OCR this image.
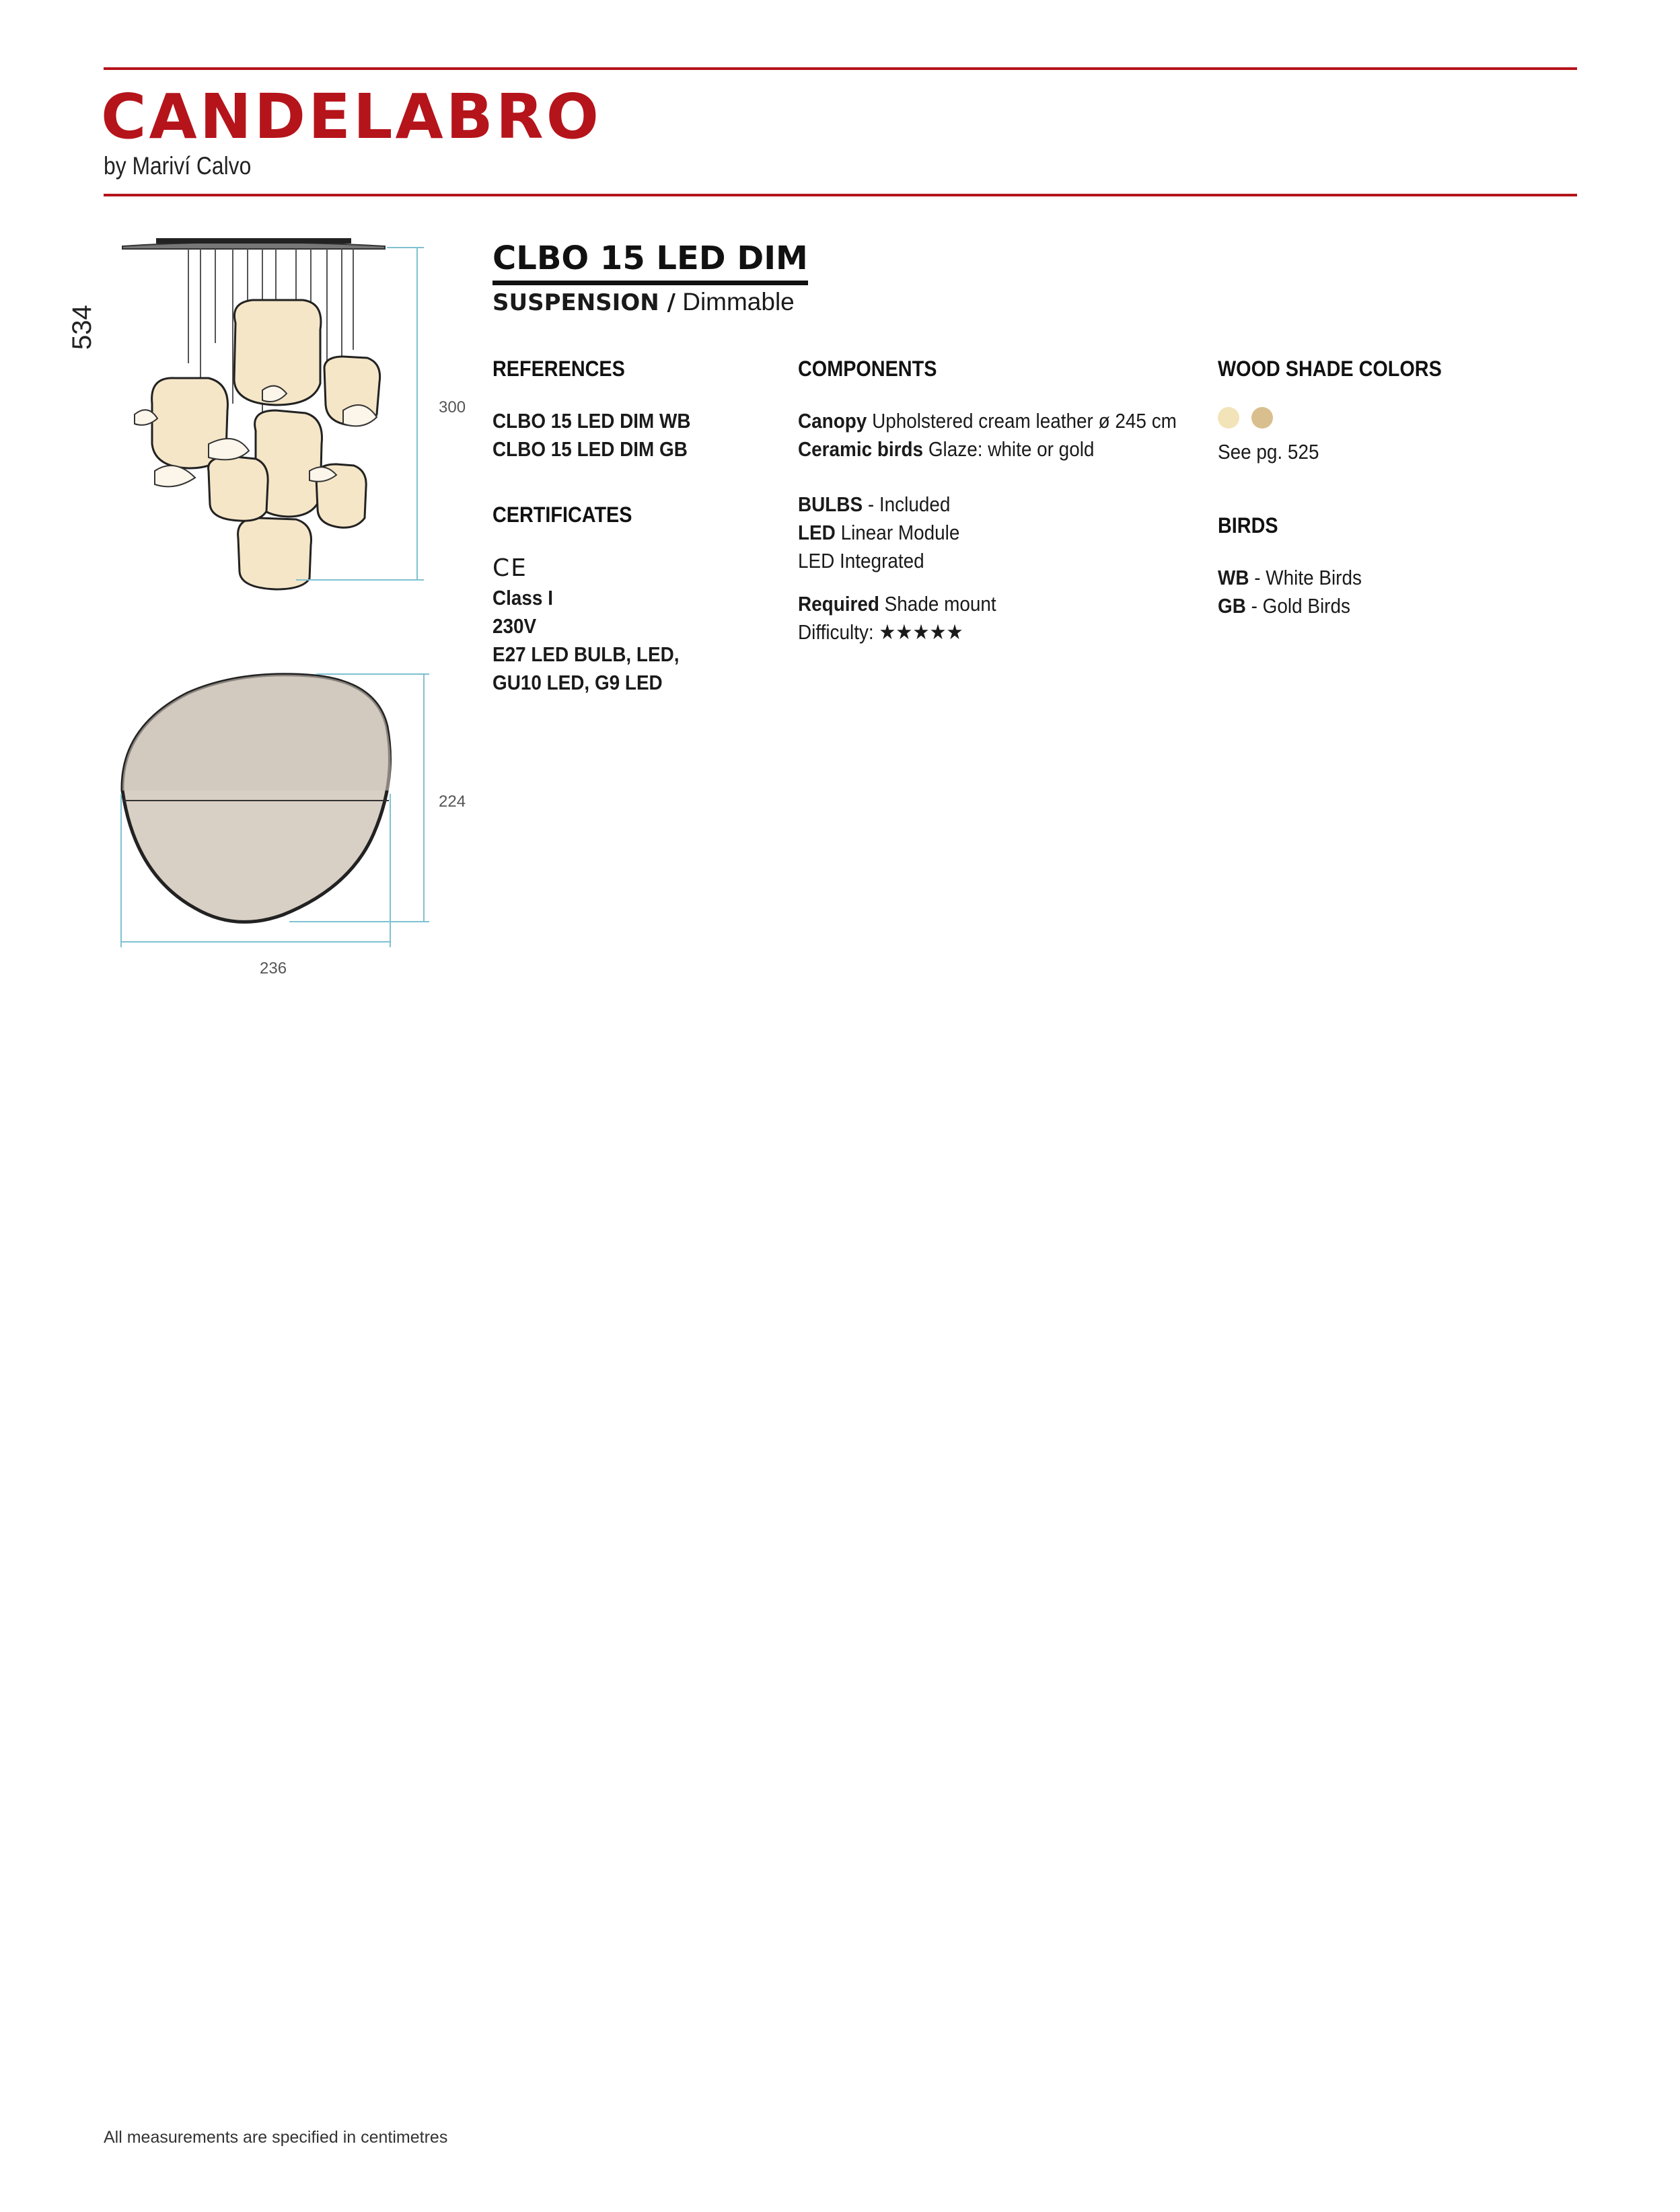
CANDELABRO
by Mariví Calvo
534
300
224
236
CLBO 15 LED DIM
SUSPENSION / Dimmable
REFERENCES
CLBO 15 LED DIM WB
CLBO 15 LED DIM GB
CERTIFICATES
CE
Class I
230V
E27 LED BULB, LED,
GU10 LED, G9 LED
COMPONENTS
Canopy Upholstered cream leather ø 245 cm
Ceramic birds Glaze: white or gold
BULBS - Included
LED Linear Module
LED Integrated
Required Shade mount
Difficulty: ★★★★★
WOOD SHADE COLORS
See pg. 525
BIRDS
WB - White Birds
GB - Gold Birds
All measurements are specified in centimetres
